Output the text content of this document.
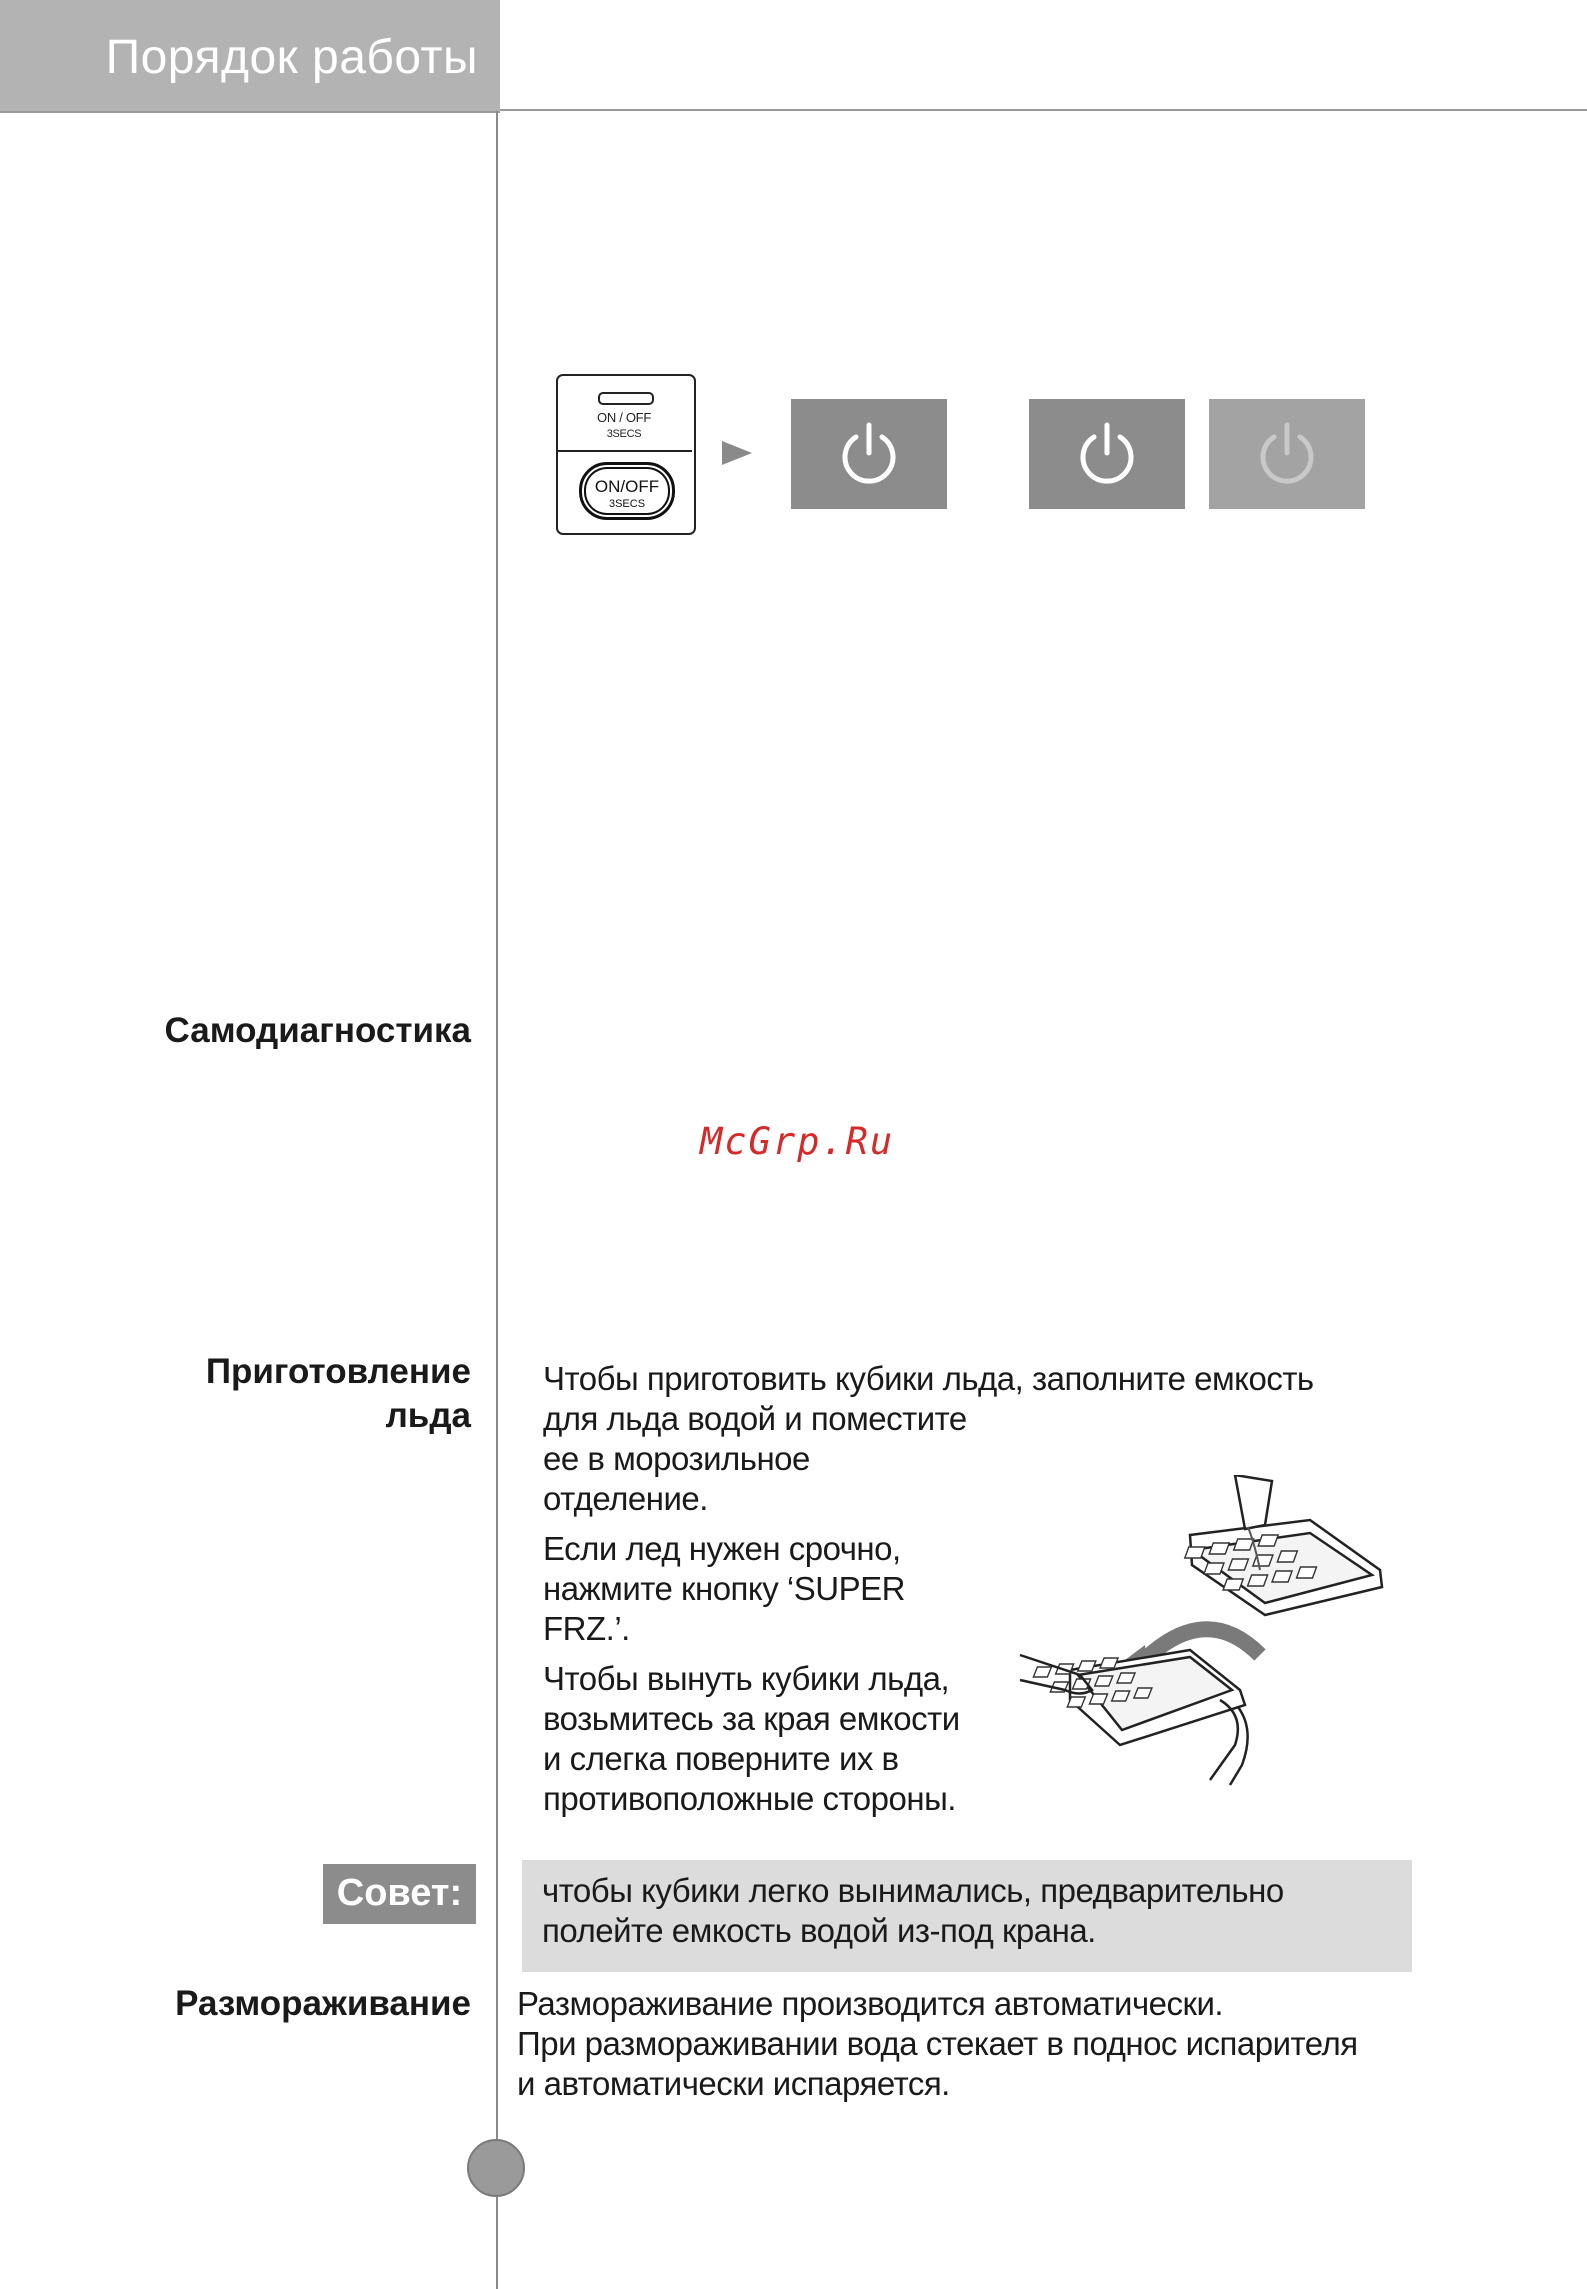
Порядок работы
ON / OFF
3SECS
ON/OFF
3SECS
Самодиагностика
Приготовление
льда
Совет:
Размораживание
McGrp.Ru
Чтобы приготовить кубики льда, заполните емкость
для льда водой и поместите
ее в морозильное
отделение.
Если лед нужен срочно,
нажмите кнопку ‘SUPER
FRZ.’.
Чтобы вынуть кубики льда,
возьмитесь за края емкости
и слегка поверните их в
противоположные стороны.
чтобы кубики легко вынимались, предварительно
полейте емкость водой из-под крана.
Размораживание производится автоматически.
При размораживании вода стекает в поднос испарителя
и автоматически испаряется.
